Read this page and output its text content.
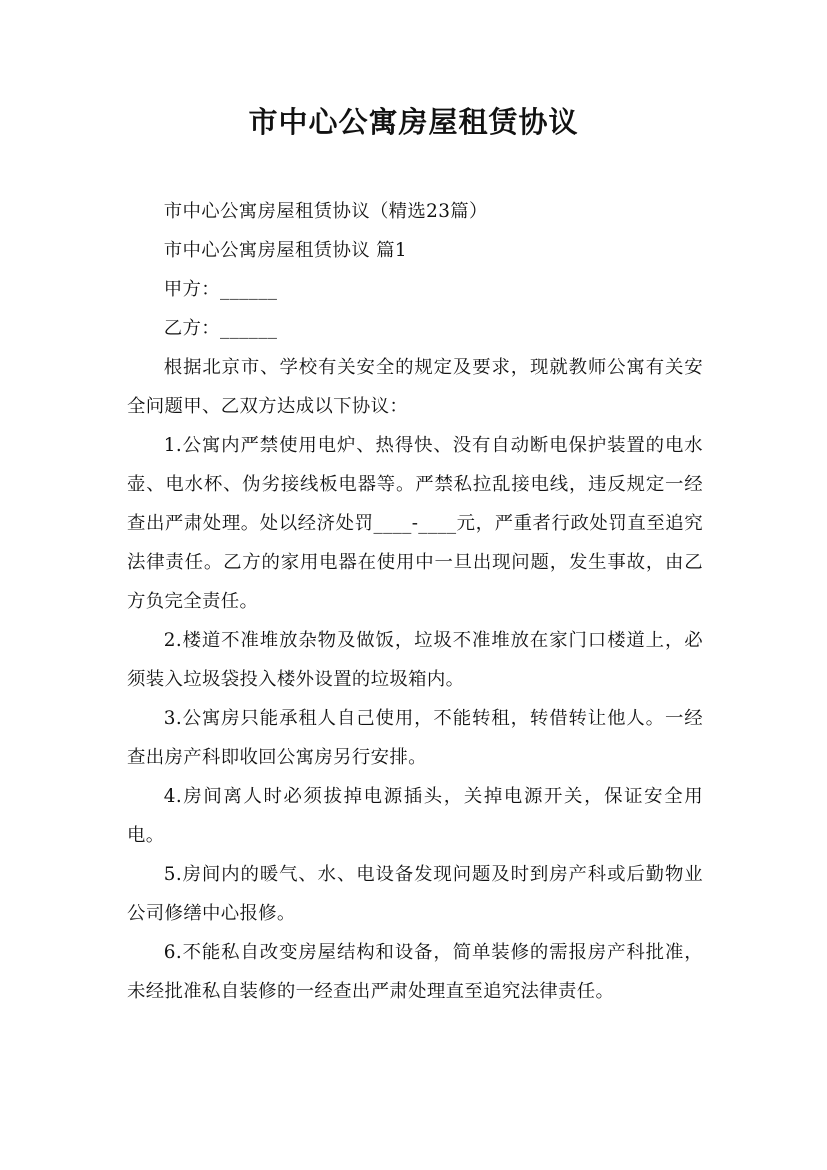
市中心公寓房屋租赁协议

市中心公寓房屋租赁协议（精选23篇）

市中心公寓房屋租赁协议 篇1

甲方：______

乙方：______

根据北京市、学校有关安全的规定及要求，现就教师公寓有关安全问题甲、乙双方达成以下协议：

1.公寓内严禁使用电炉、热得快、没有自动断电保护装置的电水壶、电水杯、伪劣接线板电器等。严禁私拉乱接电线，违反规定一经查出严肃处理。处以经济处罚____-____元，严重者行政处罚直至追究法律责任。乙方的家用电器在使用中一旦出现问题，发生事故，由乙方负完全责任。

2.楼道不准堆放杂物及做饭，垃圾不准堆放在家门口楼道上，必须装入垃圾袋投入楼外设置的垃圾箱内。

3.公寓房只能承租人自己使用，不能转租，转借转让他人。一经查出房产科即收回公寓房另行安排。

4.房间离人时必须拔掉电源插头，关掉电源开关，保证安全用电。

5.房间内的暖气、水、电设备发现问题及时到房产科或后勤物业公司修缮中心报修。

6.不能私自改变房屋结构和设备，简单装修的需报房产科批准，未经批准私自装修的一经查出严肃处理直至追究法律责任。
